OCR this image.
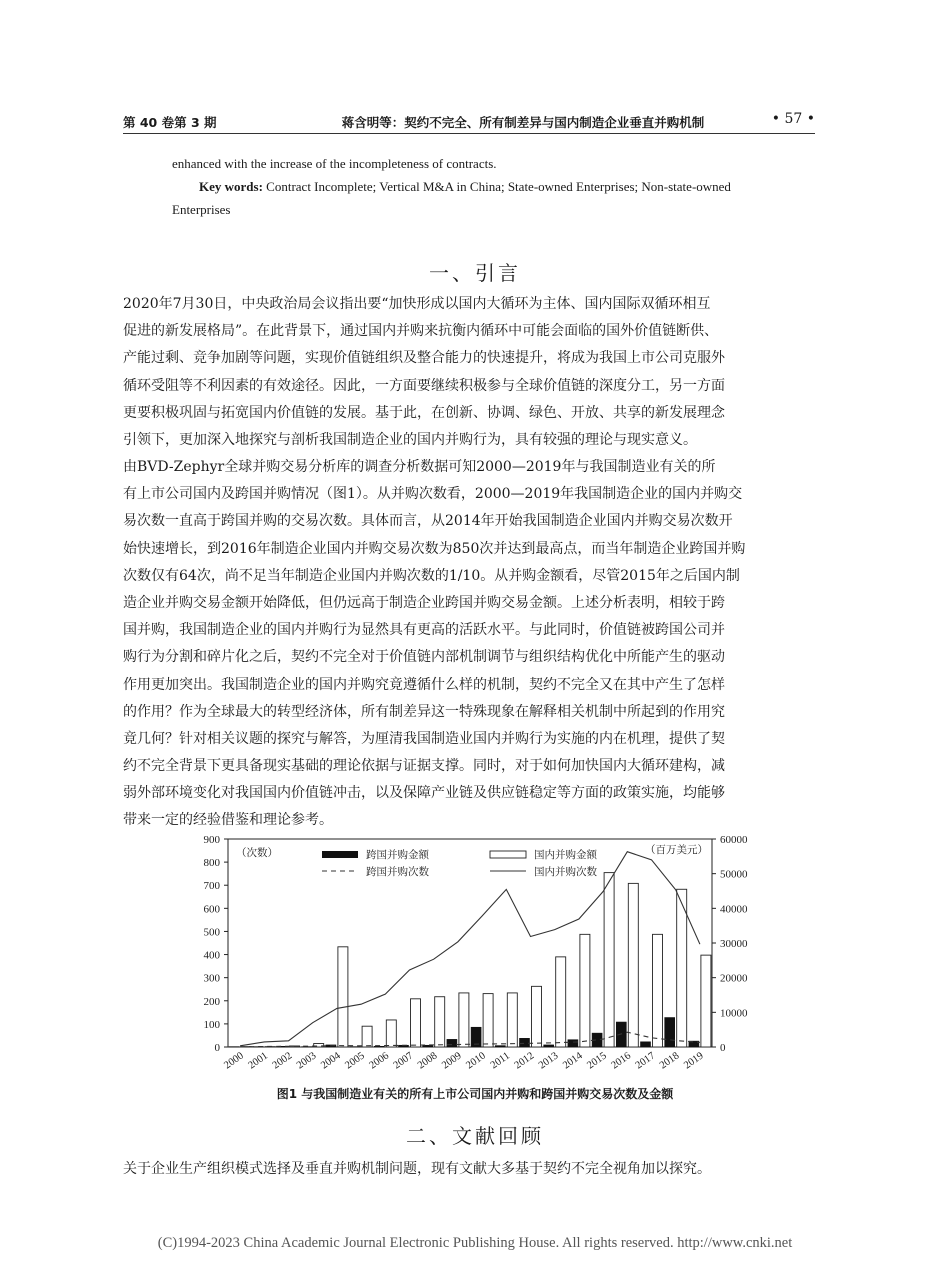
第 40 卷第 3 期	蒋含明等：契约不完全、所有制差异与国内制造企业垂直并购机制	• 57 •
enhanced with the increase of the incompleteness of contracts.
Key words: Contract Incomplete; Vertical M&A in China; State-owned Enterprises; Non-state-owned
Enterprises
一、引言
2020年7月30日，中央政治局会议指出要“加快形成以国内大循环为主体、国内国际双循环相互
促进的新发展格局”。在此背景下，通过国内并购来抗衡内循环中可能会面临的国外价值链断供、
产能过剩、竞争加剧等问题，实现价值链组织及整合能力的快速提升，将成为我国上市公司克服外
循环受阻等不利因素的有效途径。因此，一方面要继续积极参与全球价值链的深度分工，另一方面
更要积极巩固与拓宽国内价值链的发展。基于此，在创新、协调、绿色、开放、共享的新发展理念
引领下，更加深入地探究与剖析我国制造企业的国内并购行为，具有较强的理论与现实意义。
由BVD-Zephyr全球并购交易分析库的调查分析数据可知2000—2019年与我国制造业有关的所
有上市公司国内及跨国并购情况（图1）。从并购次数看，2000—2019年我国制造企业的国内并购交
易次数一直高于跨国并购的交易次数。具体而言，从2014年开始我国制造企业国内并购交易次数开
始快速增长，到2016年制造企业国内并购交易次数为850次并达到最高点，而当年制造企业跨国并购
次数仅有64次，尚不足当年制造企业国内并购次数的1/10。从并购金额看，尽管2015年之后国内制
造企业并购交易金额开始降低，但仍远高于制造企业跨国并购交易金额。上述分析表明，相较于跨
国并购，我国制造企业的国内并购行为显然具有更高的活跃水平。与此同时，价值链被跨国公司并
购行为分割和碎片化之后，契约不完全对于价值链内部机制调节与组织结构优化中所能产生的驱动
作用更加突出。我国制造企业的国内并购究竟遵循什么样的机制，契约不完全又在其中产生了怎样
的作用？作为全球最大的转型经济体，所有制差异这一特殊现象在解释相关机制中所起到的作用究
竟几何？针对相关议题的探究与解答，为厘清我国制造业国内并购行为实施的内在机理，提供了契
约不完全背景下更具备现实基础的理论依据与证据支撑。同时，对于如何加快国内大循环建构，减
弱外部环境变化对我国国内价值链冲击，以及保障产业链及供应链稳定等方面的政策实施，均能够
带来一定的经验借鉴和理论参考。
0
100
200
300
400
500
600
700
800
900
0
10000
20000
30000
40000
50000
60000
（次数）	（百万美元）
2000 2001 2002 2003 2004 2005 2006 2007 2008 2009 2010 2011 2012 2013 2014 2015 2016 2017 2018 2019
跨国并购金额	国内并购金额
跨国并购次数	国内并购次数
图1 与我国制造业有关的所有上市公司国内并购和跨国并购交易次数及金额
二、文献回顾
关于企业生产组织模式选择及垂直并购机制问题，现有文献大多基于契约不完全视角加以探究。
(C)1994-2023 China Academic Journal Electronic Publishing House. All rights reserved. http://www.cnki.net
